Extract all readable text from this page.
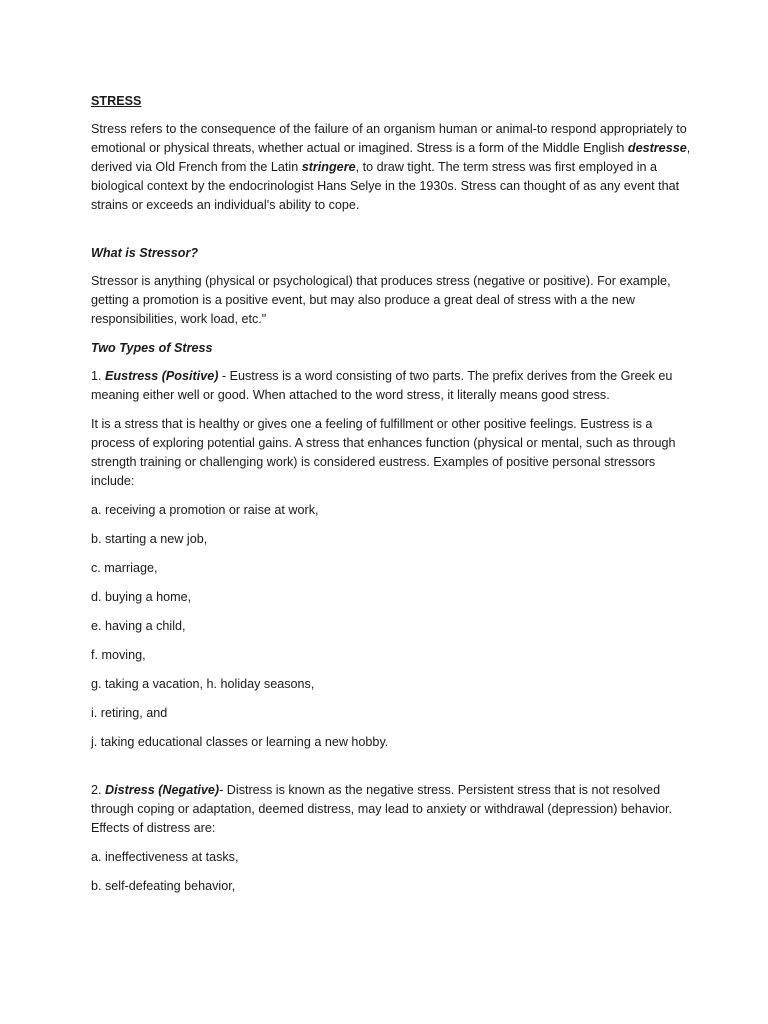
STRESS

Stress refers to the consequence of the failure of an organism human or animal-to respond appropriately to emotional or physical threats, whether actual or imagined. Stress is a form of the Middle English destresse, derived via Old French from the Latin stringere, to draw tight. The term stress was first employed in a biological context by the endocrinologist Hans Selye in the 1930s. Stress can thought of as any event that strains or exceeds an individual's ability to cope.

What is Stressor?

Stressor is anything (physical or psychological) that produces stress (negative or positive). For example, getting a promotion is a positive event, but may also produce a great deal of stress with a the new responsibilities, work load, etc."

Two Types of Stress

1. Eustress (Positive) - Eustress is a word consisting of two parts. The prefix derives from the Greek eu meaning either well or good. When attached to the word stress, it literally means good stress.

It is a stress that is healthy or gives one a feeling of fulfillment or other positive feelings. Eustress is a process of exploring potential gains. A stress that enhances function (physical or mental, such as through strength training or challenging work) is considered eustress. Examples of positive personal stressors include:

a. receiving a promotion or raise at work,

b. starting a new job,

c. marriage,

d. buying a home,

e. having a child,

f. moving,

g. taking a vacation, h. holiday seasons,

i. retiring, and

j. taking educational classes or learning a new hobby.

2. Distress (Negative)- Distress is known as the negative stress. Persistent stress that is not resolved through coping or adaptation, deemed distress, may lead to anxiety or withdrawal (depression) behavior. Effects of distress are:

a. ineffectiveness at tasks,

b. self-defeating behavior,
